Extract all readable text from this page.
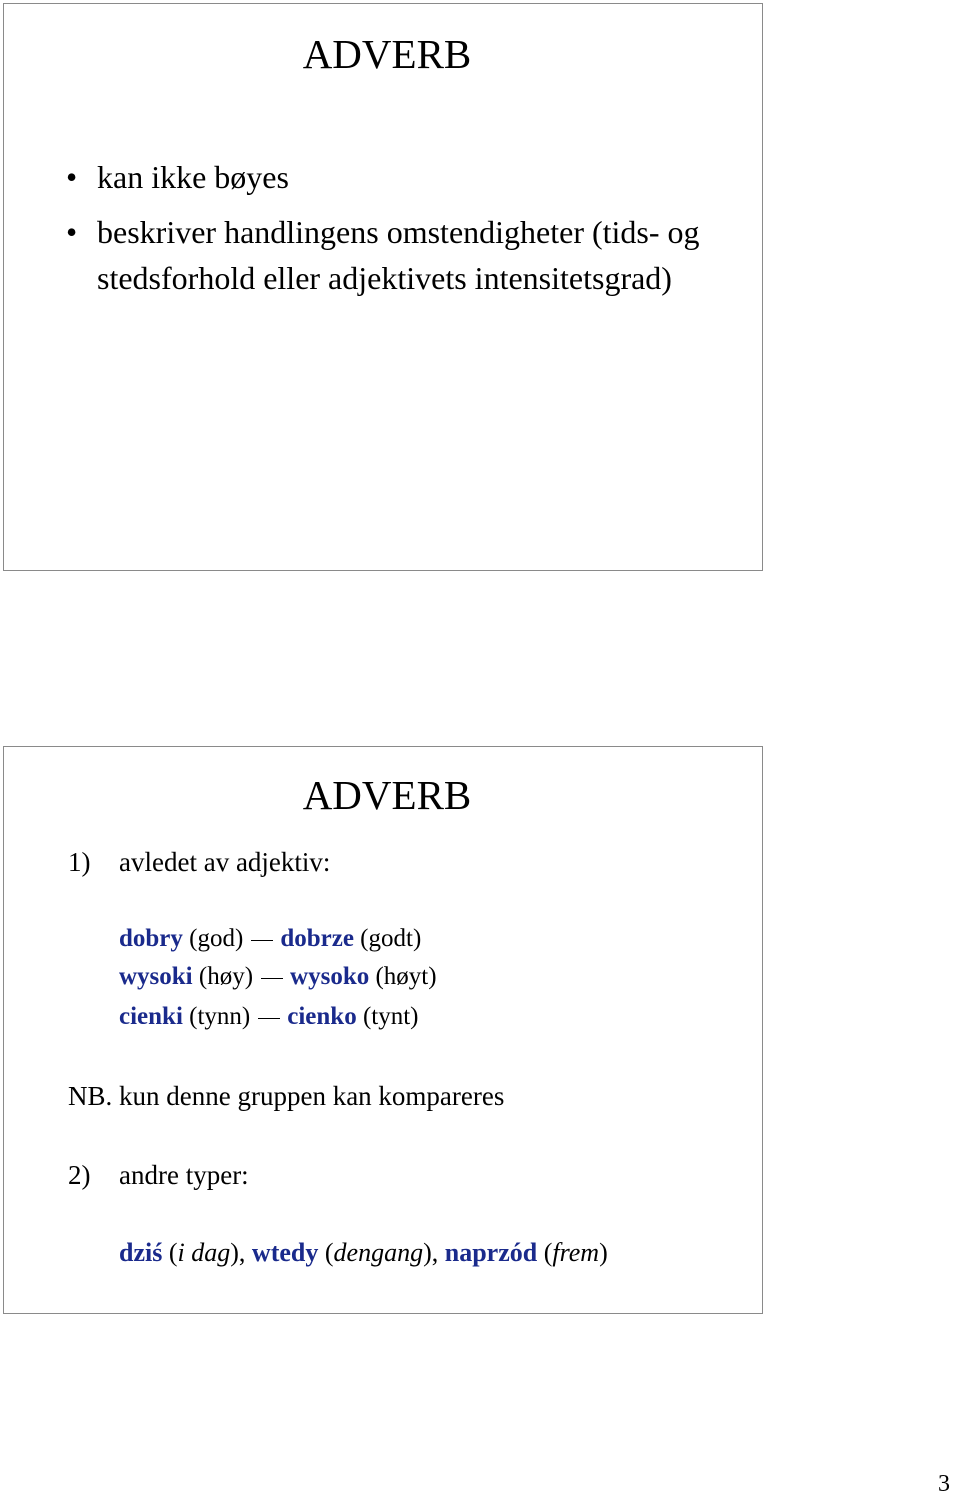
ADVERB
• kan ikke bøyes
• beskriver handlingens omstendigheter (tids- og stedsforhold eller adjektivets intensitetsgrad)
ADVERB
1) avledet av adjektiv:
dobry (god) dobrze (godt)
wysoki (høy) wysoko (høyt)
cienki (tynn) cienko (tynt)
NB. kun denne gruppen kan kompareres
2) andre typer:
dziś (i dag), wtedy (dengang), naprzód (frem)
3
